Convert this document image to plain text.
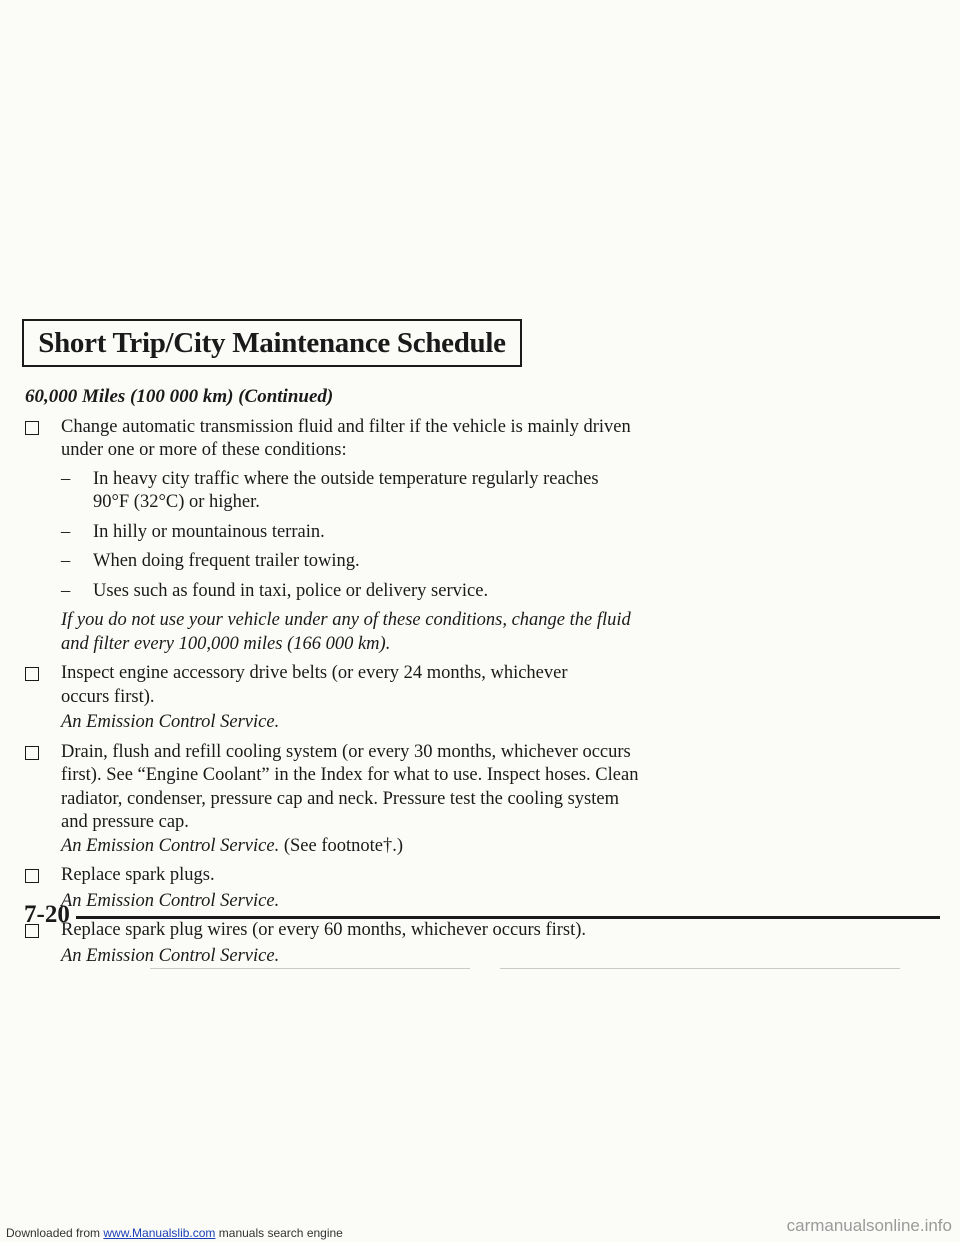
Short Trip/City Maintenance Schedule
60,000 Miles (100 000 km) (Continued)
Change automatic transmission fluid and filter if the vehicle is mainly driven
under one or more of these conditions:
– In heavy city traffic where the outside temperature regularly reaches
90°F (32°C) or higher.
– In hilly or mountainous terrain.
– When doing frequent trailer towing.
– Uses such as found in taxi, police or delivery service.
If you do not use your vehicle under any of these conditions, change the fluid
and filter every 100,000 miles (166 000 km).
Inspect engine accessory drive belts (or every 24 months, whichever
occurs first).
An Emission Control Service.
Drain, flush and refill cooling system (or every 30 months, whichever occurs
first). See “Engine Coolant” in the Index for what to use. Inspect hoses. Clean
radiator, condenser, pressure cap and neck. Pressure test the cooling system
and pressure cap.
An Emission Control Service. (See footnote†.)
Replace spark plugs.
An Emission Control Service.
Replace spark plug wires (or every 60 months, whichever occurs first).
An Emission Control Service.
7-20
Downloaded from www.Manualslib.com manuals search engine	carmanualsonline.info
